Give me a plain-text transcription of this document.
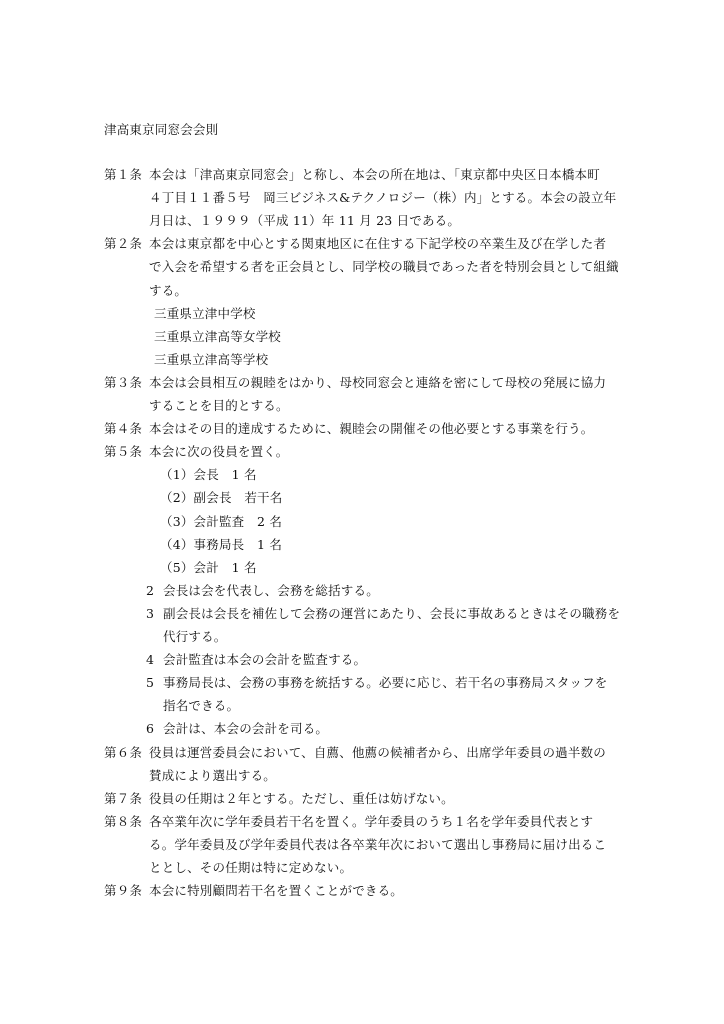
津高東京同窓会会則
第１条 本会は「津高東京同窓会」と称し、本会の所在地は、「東京都中央区日本橋本町
４丁目１１番５号　岡三ビジネス&テクノロジー（株）内」とする。本会の設立年
月日は、１９９９（平成 11）年 11 月 23 日である。
第２条 本会は東京都を中心とする関東地区に在住する下記学校の卒業生及び在学した者
で入会を希望する者を正会員とし、同学校の職員であった者を特別会員として組織
する。
三重県立津中学校
三重県立津高等女学校
三重県立津高等学校
第３条 本会は会員相互の親睦をはかり、母校同窓会と連絡を密にして母校の発展に協力
することを目的とする。
第４条 本会はその目的達成するために、親睦会の開催その他必要とする事業を行う。
第５条 本会に次の役員を置く。
（1）会長　1 名
（2）副会長　若干名
（3）会計監査　2 名
（4）事務局長　1 名
（5）会計　1 名
2 会長は会を代表し、会務を総括する。
3 副会長は会長を補佐して会務の運営にあたり、会長に事故あるときはその職務を
代行する。
4 会計監査は本会の会計を監査する。
5 事務局長は、会務の事務を統括する。必要に応じ、若干名の事務局スタッフを
指名できる。
6 会計は、本会の会計を司る。
第６条 役員は運営委員会において、自薦、他薦の候補者から、出席学年委員の過半数の
賛成により選出する。
第７条 役員の任期は２年とする。ただし、重任は妨げない。
第８条 各卒業年次に学年委員若干名を置く。学年委員のうち１名を学年委員代表とす
る。学年委員及び学年委員代表は各卒業年次において選出し事務局に届け出るこ
ととし、その任期は特に定めない。
第９条 本会に特別顧問若干名を置くことができる。
